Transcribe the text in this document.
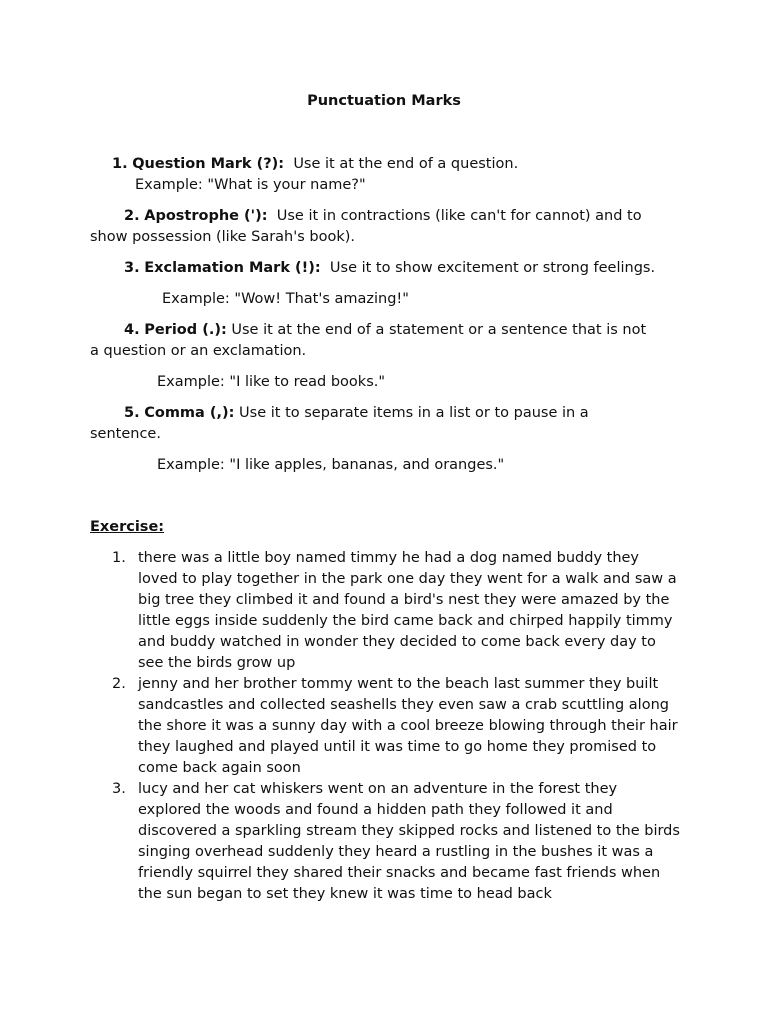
Punctuation Marks
1. Question Mark (?): Use it at the end of a question.
Example: "What is your name?"
2. Apostrophe ('): Use it in contractions (like can't for cannot) and to
show possession (like Sarah's book).
3. Exclamation Mark (!): Use it to show excitement or strong feelings.
Example: "Wow! That's amazing!"
4. Period (.): Use it at the end of a statement or a sentence that is not
a question or an exclamation.
Example: "I like to read books."
5. Comma (,): Use it to separate items in a list or to pause in a
sentence.
Example: "I like apples, bananas, and oranges."
Exercise:
1. there was a little boy named timmy he had a dog named buddy they loved to play together in the park one day they went for a walk and saw a big tree they climbed it and found a bird's nest they were amazed by the little eggs inside suddenly the bird came back and chirped happily timmy and buddy watched in wonder they decided to come back every day to see the birds grow up
2. jenny and her brother tommy went to the beach last summer they built sandcastles and collected seashells they even saw a crab scuttling along the shore it was a sunny day with a cool breeze blowing through their hair they laughed and played until it was time to go home they promised to come back again soon
3. lucy and her cat whiskers went on an adventure in the forest they explored the woods and found a hidden path they followed it and discovered a sparkling stream they skipped rocks and listened to the birds singing overhead suddenly they heard a rustling in the bushes it was a friendly squirrel they shared their snacks and became fast friends when the sun began to set they knew it was time to head back
